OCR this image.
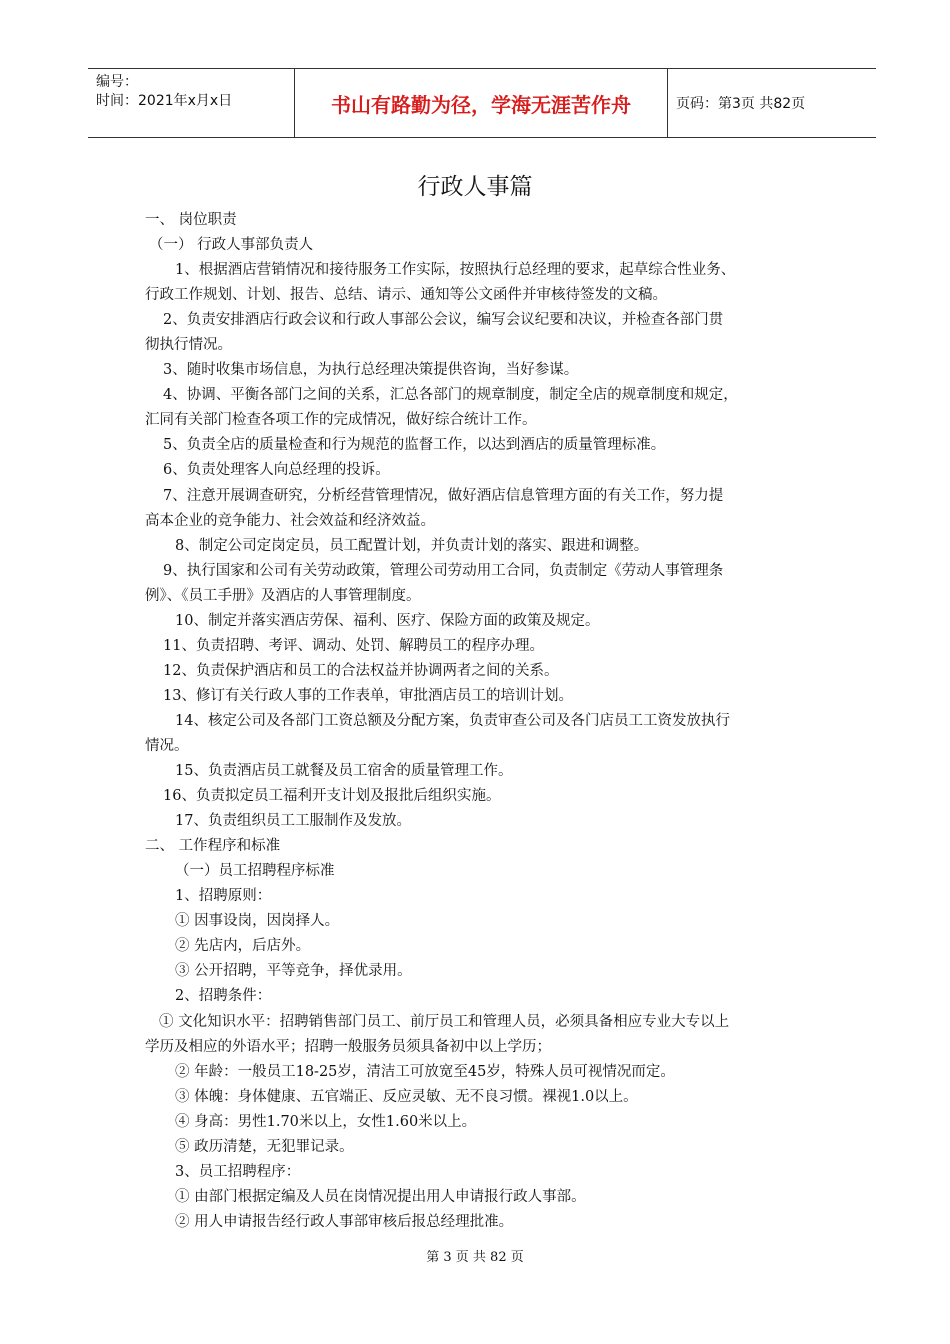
编号：
时间：2021年x月x日	书山有路勤为径，学海无涯苦作舟	页码：第3页 共82页
行政人事篇
一、 岗位职责
（一） 行政人事部负责人
1、根据酒店营销情况和接待服务工作实际，按照执行总经理的要求，起草综合性业务、
行政工作规划、计划、报告、总结、请示、通知等公文函件并审核待签发的文稿。
2、负责安排酒店行政会议和行政人事部公会议，编写会议纪要和决议，并检查各部门贯
彻执行情况。
3、随时收集市场信息，为执行总经理决策提供咨询，当好参谋。
4、协调、平衡各部门之间的关系，汇总各部门的规章制度，制定全店的规章制度和规定，
汇同有关部门检查各项工作的完成情况，做好综合统计工作。
5、负责全店的质量检查和行为规范的监督工作，以达到酒店的质量管理标准。
6、负责处理客人向总经理的投诉。
7、注意开展调查研究，分析经营管理情况，做好酒店信息管理方面的有关工作，努力提
高本企业的竞争能力、社会效益和经济效益。
8、制定公司定岗定员，员工配置计划，并负责计划的落实、跟进和调整。
9、执行国家和公司有关劳动政策，管理公司劳动用工合同，负责制定《劳动人事管理条
例》、《员工手册》及酒店的人事管理制度。
10、制定并落实酒店劳保、福利、医疗、保险方面的政策及规定。
11、负责招聘、考评、调动、处罚、解聘员工的程序办理。
12、负责保护酒店和员工的合法权益并协调两者之间的关系。
13、修订有关行政人事的工作表单，审批酒店员工的培训计划。
14、核定公司及各部门工资总额及分配方案，负责审查公司及各门店员工工资发放执行
情况。
15、负责酒店员工就餐及员工宿舍的质量管理工作。
16、负责拟定员工福利开支计划及报批后组织实施。
17、负责组织员工工服制作及发放。
二、 工作程序和标准
（一）员工招聘程序标准
1、招聘原则：
① 因事设岗，因岗择人。
② 先店内，后店外。
③ 公开招聘，平等竞争，择优录用。
2、招聘条件：
① 文化知识水平：招聘销售部门员工、前厅员工和管理人员，必须具备相应专业大专以上
学历及相应的外语水平；招聘一般服务员须具备初中以上学历；
② 年龄：一般员工18-25岁，清洁工可放宽至45岁，特殊人员可视情况而定。
③ 体魄：身体健康、五官端正、反应灵敏、无不良习惯。裸视1.0以上。
④ 身高：男性1.70米以上，女性1.60米以上。
⑤ 政历清楚，无犯罪记录。
3、员工招聘程序：
① 由部门根据定编及人员在岗情况提出用人申请报行政人事部。
② 用人申请报告经行政人事部审核后报总经理批准。
第 3 页 共 82 页
